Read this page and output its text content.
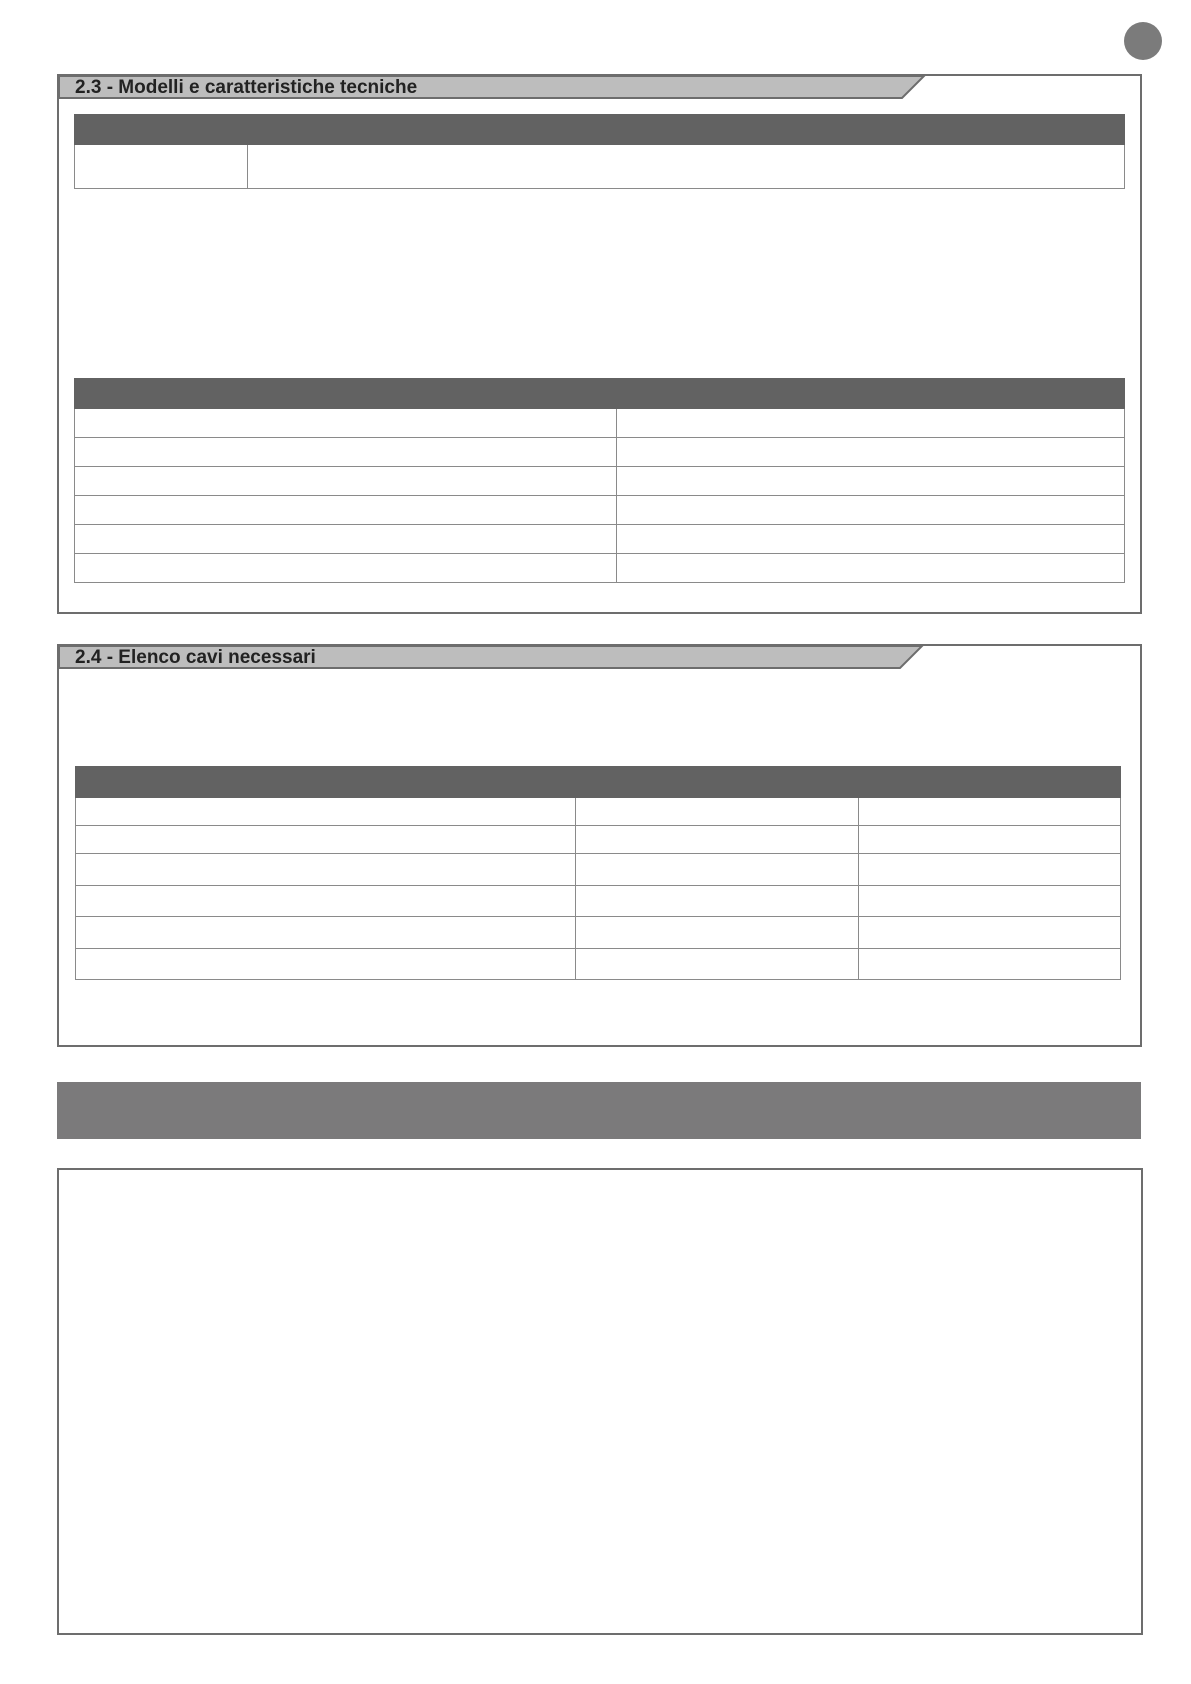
2.3 - Modelli e caratteristiche tecniche

2.4 - Elenco cavi necessari
